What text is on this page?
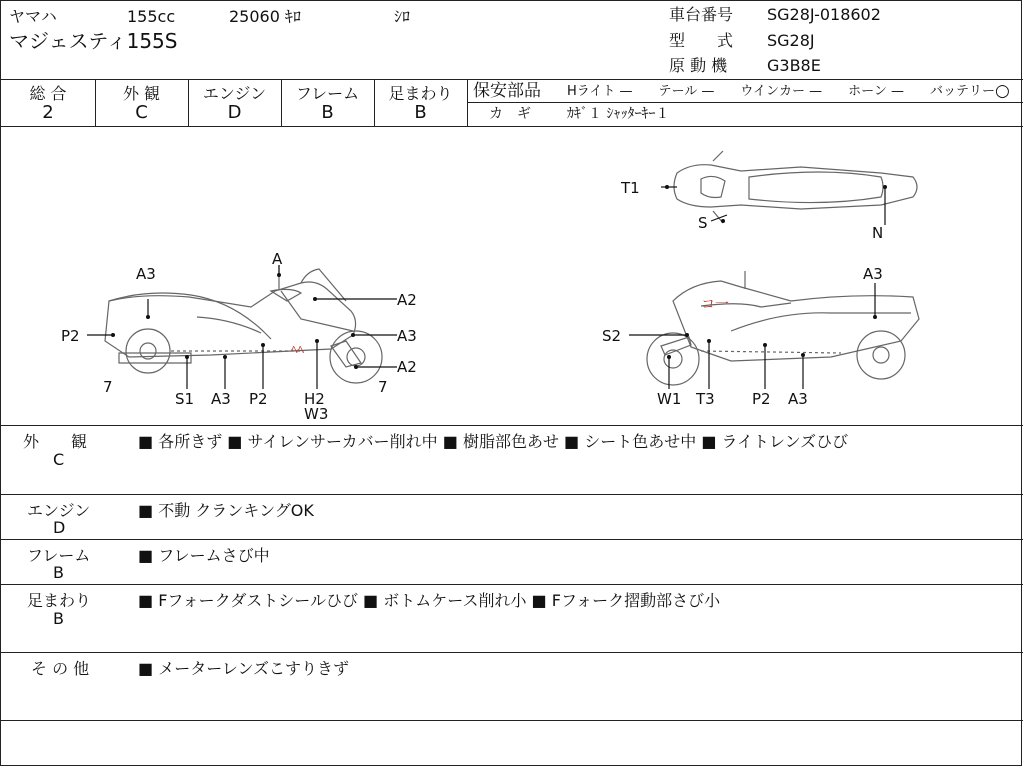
ヤマハ	155cc	25060 ｷﾛ	ｼﾛ
マジェスティ155S
車台番号 SG28J-018602
型　　式 SG28J
原 動 機 G3B8E
総 合	外 観	エンジン	フレーム	足まわり
2	C	D	B	B
保安部品 Hライト —　　テール —　　ウインカー —　　ホーン —　　バッテリー ○
カ　ギ	ｶｷﾞ１ ｼｬｯﾀｰｷｰ１
T1
S
N
A
A3
A2
P2	A3
A2
7	7
S1 A3 P2 H2
W3
A3
S2
W1 T3 P2 A3
ﾍﾍ
コ一
外　　観
C
■ 各所きず ■ サイレンサーカバー削れ中 ■ 樹脂部色あせ ■ シート色あせ中 ■ ライトレンズひび
エンジン
D
■ 不動 クランキングOK
フレーム
B
■ フレームさび中
足まわり
B
■ Fフォークダストシールひび ■ ボトムケース削れ小 ■ Fフォーク摺動部さび小
そ の 他	■ メーターレンズこすりきず
